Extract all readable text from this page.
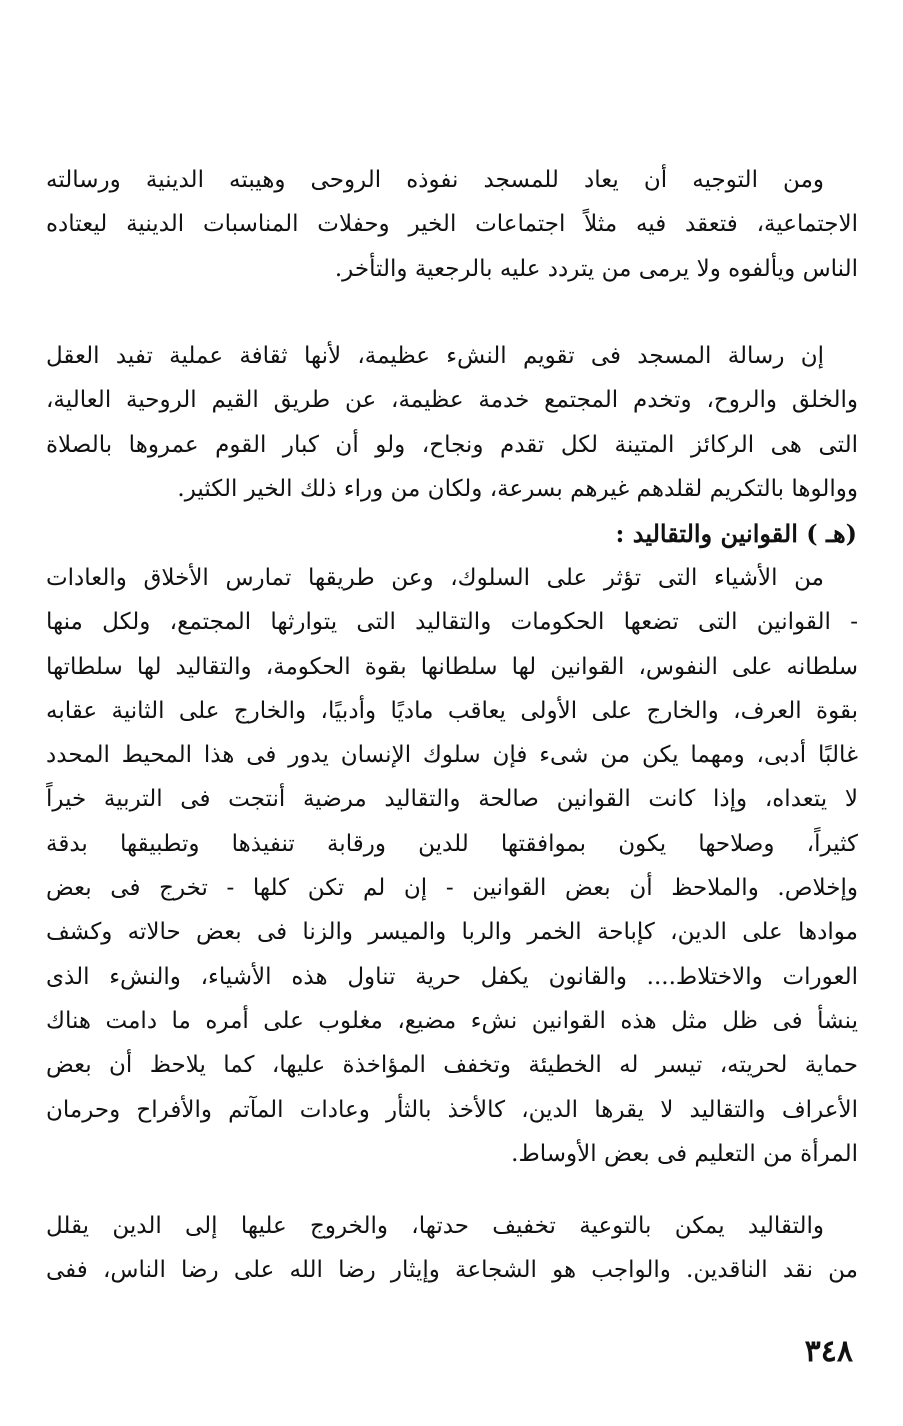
ومن التوجيه أن يعاد للمسجد نفوذه الروحى وهيبته الدينية ورسالته
الاجتماعية، فتعقد فيه مثلاً اجتماعات الخير وحفلات المناسبات الدينية ليعتاده
الناس ويألفوه ولا يرمى من يتردد عليه بالرجعية والتأخر.
إن رسالة المسجد فى تقويم النشء عظيمة، لأنها ثقافة عملية تفيد العقل
والخلق والروح، وتخدم المجتمع خدمة عظيمة، عن طريق القيم الروحية العالية،
التى هى الركائز المتينة لكل تقدم ونجاح، ولو أن كبار القوم عمروها بالصلاة
ووالوها بالتكريم لقلدهم غيرهم بسرعة، ولكان من وراء ذلك الخير الكثير.
(هـ ) القوانين والتقاليد :
من الأشياء التى تؤثر على السلوك، وعن طريقها تمارس الأخلاق والعادات
- القوانين التى تضعها الحكومات والتقاليد التى يتوارثها المجتمع، ولكل منها
سلطانه على النفوس، القوانين لها سلطانها بقوة الحكومة، والتقاليد لها سلطاتها
بقوة العرف، والخارج على الأولى يعاقب ماديًا وأدبيًا، والخارج على الثانية عقابه
غالبًا أدبى، ومهما يكن من شىء فإن سلوك الإنسان يدور فى هذا المحيط المحدد
لا يتعداه، وإذا كانت القوانين صالحة والتقاليد مرضية أنتجت فى التربية خيراً
كثيراً، وصلاحها يكون بموافقتها للدين ورقابة تنفيذها وتطبيقها بدقة
وإخلاص. والملاحظ أن بعض القوانين - إن لم تكن كلها - تخرج فى بعض
موادها على الدين، كإباحة الخمر والربا والميسر والزنا فى بعض حالاته وكشف
العورات والاختلاط.... والقانون يكفل حرية تناول هذه الأشياء، والنشء الذى
ينشأ فى ظل مثل هذه القوانين نشء مضيع، مغلوب على أمره ما دامت هناك
حماية لحريته، تيسر له الخطيئة وتخفف المؤاخذة عليها، كما يلاحظ أن بعض
الأعراف والتقاليد لا يقرها الدين، كالأخذ بالثأر وعادات المآتم والأفراح وحرمان
المرأة من التعليم فى بعض الأوساط.
والتقاليد يمكن بالتوعية تخفيف حدتها، والخروج عليها إلى الدين يقلل
من نقد الناقدين. والواجب هو الشجاعة وإيثار رضا الله على رضا الناس، ففى
٣٤٨
